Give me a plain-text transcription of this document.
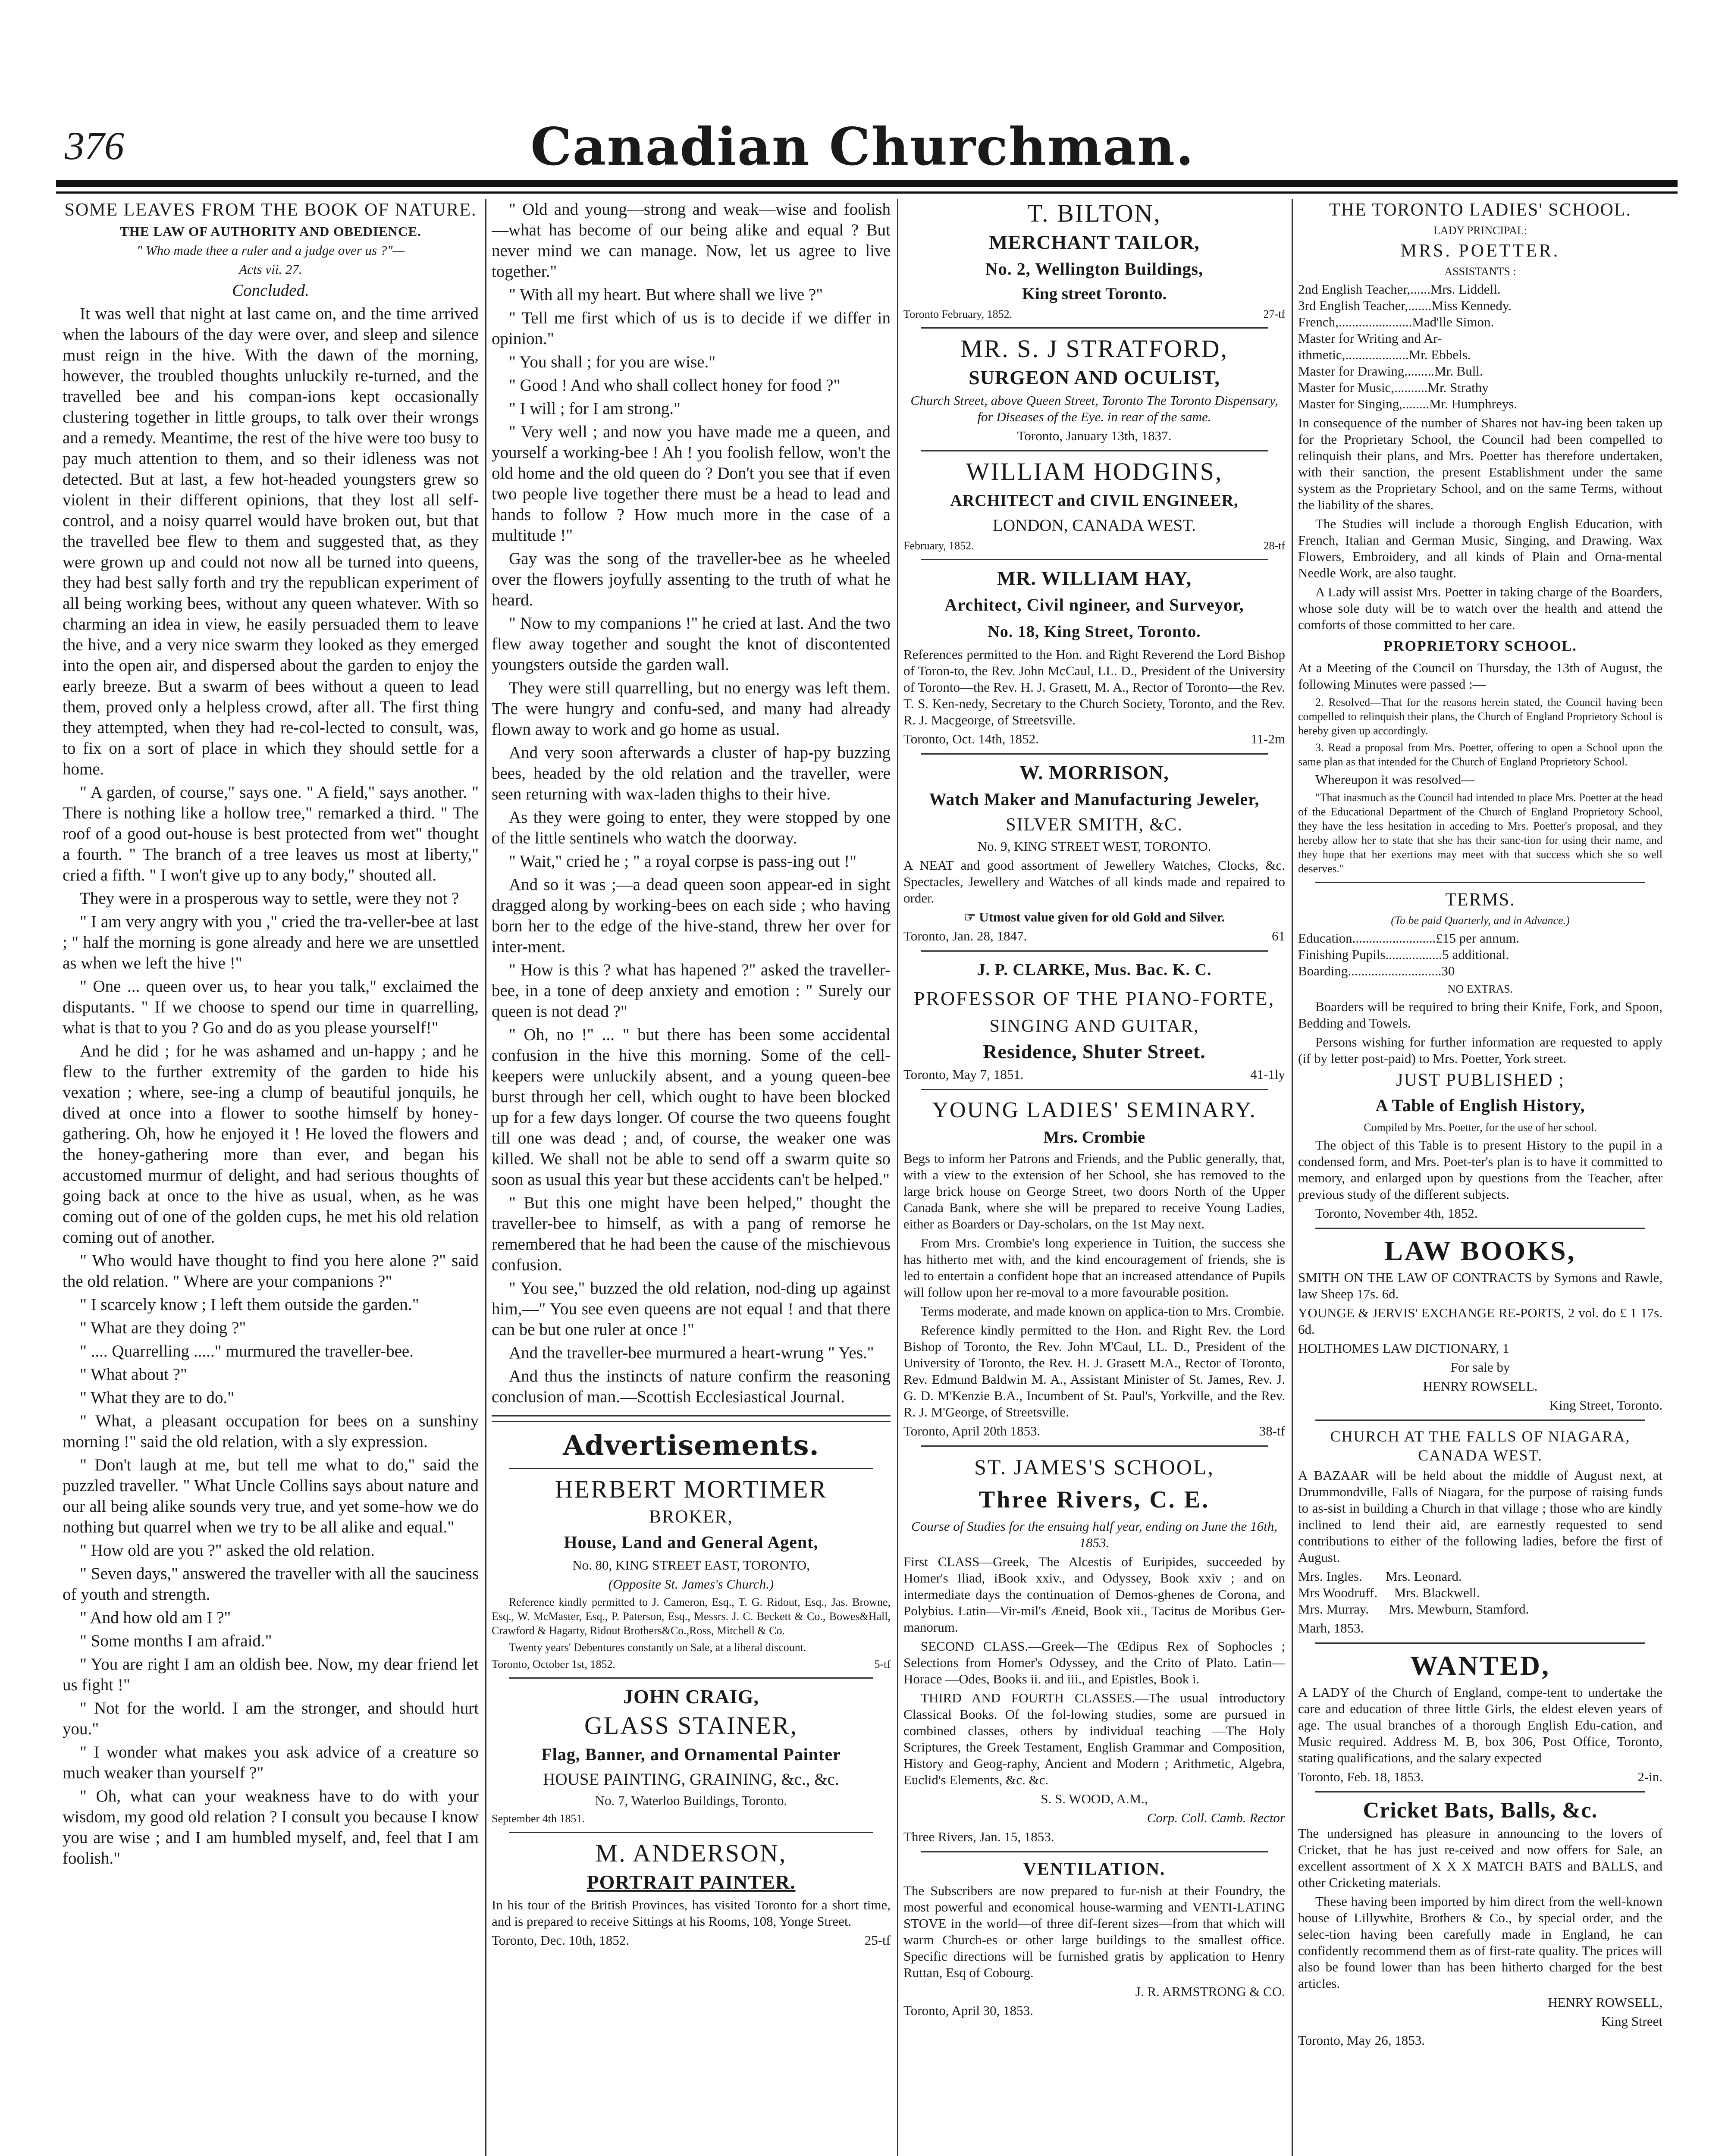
376	Canadian Churchman.

SOME LEAVES FROM THE BOOK OF NATURE.

THE LAW OF AUTHORITY AND OBEDIENCE.

" Who made thee a ruler and a judge over us ?"—

Acts vii. 27.

Concluded.

It was well that night at last came on, and the time arrived when the labours of the day were over, and sleep and silence must reign in the hive. With the dawn of the morning, however, the troubled thoughts unluckily re-turned, and the travelled bee and his compan-ions kept occasionally clustering together in little groups, to talk over their wrongs and a remedy. Meantime, the rest of the hive were too busy to pay much attention to them, and so their idleness was not detected. But at last, a few hot-headed youngsters grew so violent in their different opinions, that they lost all self-control, and a noisy quarrel would have broken out, but that the travelled bee flew to them and suggested that, as they were grown up and could not now all be turned into queens, they had best sally forth and try the republican experiment of all being working bees, without any queen whatever. With so charming an idea in view, he easily persuaded them to leave the hive, and a very nice swarm they looked as they emerged into the open air, and dispersed about the garden to enjoy the early breeze. But a swarm of bees without a queen to lead them, proved only a helpless crowd, after all. The first thing they attempted, when they had re-col-lected to consult, was, to fix on a sort of place in which they should settle for a home.

" A garden, of course," says one. " A field," says another. " There is nothing like a hollow tree," remarked a third. " The roof of a good out-house is best protected from wet" thought a fourth. " The branch of a tree leaves us most at liberty," cried a fifth. " I won't give up to any body," shouted all.

They were in a prosperous way to settle, were they not ?

" I am very angry with you ," cried the tra-veller-bee at last ; " half the morning is gone already and here we are unsettled as when we left the hive !"

" One ... queen over us, to hear you talk," exclaimed the disputants. " If we choose to spend our time in quarrelling, what is that to you ? Go and do as you please yourself!"

And he did ; for he was ashamed and un-happy ; and he flew to the further extremity of the garden to hide his vexation ; where, see-ing a clump of beautiful jonquils, he dived at once into a flower to soothe himself by honey-gathering. Oh, how he enjoyed it ! He loved the flowers and the honey-gathering more than ever, and began his accustomed murmur of delight, and had serious thoughts of going back at once to the hive as usual, when, as he was coming out of one of the golden cups, he met his old relation coming out of another.

" Who would have thought to find you here alone ?" said the old relation. " Where are your companions ?"

" I scarcely know ; I left them outside the garden."

" What are they doing ?"

" .... Quarrelling ....." murmured the traveller-bee.

" What about ?"

" What they are to do."

" What, a pleasant occupation for bees on a sunshiny morning !" said the old relation, with a sly expression.

" Don't laugh at me, but tell me what to do," said the puzzled traveller. " What Uncle Collins says about nature and our all being alike sounds very true, and yet some-how we do nothing but quarrel when we try to be all alike and equal."

" How old are you ?" asked the old relation.

" Seven days," answered the traveller with all the sauciness of youth and strength.

" And how old am I ?"

" Some months I am afraid."

" You are right I am an oldish bee. Now, my dear friend let us fight !"

" Not for the world. I am the stronger, and should hurt you."

" I wonder what makes you ask advice of a creature so much weaker than yourself ?"

" Oh, what can your weakness have to do with your wisdom, my good old relation ? I consult you because I know you are wise ; and I am humbled myself, and, feel that I am foolish."

" Old and young—strong and weak—wise and foolish—what has become of our being alike and equal ? But never mind we can manage. Now, let us agree to live together."

" With all my heart. But where shall we live ?"

" Tell me first which of us is to decide if we differ in opinion."

" You shall ; for you are wise."

" Good ! And who shall collect honey for food ?"

" I will ; for I am strong."

" Very well ; and now you have made me a queen, and yourself a working-bee ! Ah ! you foolish fellow, won't the old home and the old queen do ? Don't you see that if even two people live together there must be a head to lead and hands to follow ? How much more in the case of a multitude !"

Gay was the song of the traveller-bee as he wheeled over the flowers joyfully assenting to the truth of what he heard.

" Now to my companions !" he cried at last. And the two flew away together and sought the knot of discontented youngsters outside the garden wall.

They were still quarrelling, but no energy was left them. The were hungry and confu-sed, and many had already flown away to work and go home as usual.

And very soon afterwards a cluster of hap-py buzzing bees, headed by the old relation and the traveller, were seen returning with wax-laden thighs to their hive.

As they were going to enter, they were stopped by one of the little sentinels who watch the doorway.

" Wait," cried he ; " a royal corpse is pass-ing out !"

And so it was ;—a dead queen soon appear-ed in sight dragged along by working-bees on each side ; who having born her to the edge of the hive-stand, threw her over for inter-ment.

" How is this ? what has hapened ?" asked the traveller-bee, in a tone of deep anxiety and emotion : " Surely our queen is not dead ?"

" Oh, no !" ... " but there has been some accidental confusion in the hive this morning. Some of the cell-keepers were unluckily absent, and a young queen-bee burst through her cell, which ought to have been blocked up for a few days longer. Of course the two queens fought till one was dead ; and, of course, the weaker one was killed. We shall not be able to send off a swarm quite so soon as usual this year but these accidents can't be helped."

" But this one might have been helped," thought the traveller-bee to himself, as with a pang of remorse he remembered that he had been the cause of the mischievous confusion.

" You see," buzzed the old relation, nod-ding up against him,—" You see even queens are not equal ! and that there can be but one ruler at once !"

And the traveller-bee murmured a heart-wrung " Yes."

And thus the instincts of nature confirm the reasoning conclusion of man.—Scottish Ecclesiastical Journal.

Advertisements.

HERBERT MORTIMER

BROKER,

House, Land and General Agent,

No. 80, KING STREET EAST, TORONTO,

(Opposite St. James's Church.)

Reference kindly permitted to J. Cameron, Esq., T. G. Ridout, Esq., Jas. Browne, Esq., W. McMaster, Esq., P. Paterson, Esq., Messrs. J. C. Beckett & Co., Bowes&Hall, Crawford & Hagarty, Ridout Brothers&Co.,Ross, Mitchell & Co.

Twenty years' Debentures constantly on Sale, at a liberal discount.

Toronto, October 1st, 1852.	5-tf

JOHN CRAIG,

GLASS STAINER,

Flag, Banner, and Ornamental Painter

HOUSE PAINTING, GRAINING, &c., &c.

No. 7, Waterloo Buildings, Toronto.

September 4th 1851.

M. ANDERSON,

PORTRAIT PAINTER.

In his tour of the British Provinces, has visited Toronto for a short time, and is prepared to receive Sittings at his Rooms, 108, Yonge Street.

Toronto, Dec. 10th, 1852.	25-tf

T. BILTON,

MERCHANT TAILOR,

No. 2, Wellington Buildings,

King street Toronto.

Toronto February, 1852.	27-tf

MR. S. J STRATFORD,

SURGEON AND OCULIST,

Church Street, above Queen Street, Toronto The Toronto Dispensary, for Diseases of the Eye. in rear of the same.

Toronto, January 13th, 1837.

WILLIAM HODGINS,

ARCHITECT and CIVIL ENGINEER,

LONDON, CANADA WEST.

February, 1852.	28-tf

MR. WILLIAM HAY,

Architect, Civil ngineer, and Surveyor,

No. 18, King Street, Toronto.

References permitted to the Hon. and Right Reverend the Lord Bishop of Toron-to, the Rev. John McCaul, LL. D., President of the University of Toronto—the Rev. H. J. Grasett, M. A., Rector of Toronto—the Rev. T. S. Ken-nedy, Secretary to the Church Society, Toronto, and the Rev. R. J. Macgeorge, of Streetsville.

Toronto, Oct. 14th, 1852.	11-2m

W. MORRISON,

Watch Maker and Manufacturing Jeweler,

SILVER SMITH, &C.

No. 9, KING STREET WEST, TORONTO.

A NEAT and good assortment of Jewellery Watches, Clocks, &c. Spectacles, Jewellery and Watches of all kinds made and repaired to order.

☞ Utmost value given for old Gold and Silver.

Toronto, Jan. 28, 1847.	61

J. P. CLARKE, Mus. Bac. K. C.

PROFESSOR OF THE PIANO-FORTE,

SINGING AND GUITAR,

Residence, Shuter Street.

Toronto, May 7, 1851.	41-1ly

YOUNG LADIES' SEMINARY.

Mrs. Crombie

Begs to inform her Patrons and Friends, and the Public generally, that, with a view to the extension of her School, she has removed to the large brick house on George Street, two doors North of the Upper Canada Bank, where she will be prepared to receive Young Ladies, either as Boarders or Day-scholars, on the 1st May next.

From Mrs. Crombie's long experience in Tuition, the success she has hitherto met with, and the kind encouragement of friends, she is led to entertain a confident hope that an increased attendance of Pupils will follow upon her re-moval to a more favourable position.

Terms moderate, and made known on applica-tion to Mrs. Crombie.

Reference kindly permitted to the Hon. and Right Rev. the Lord Bishop of Toronto, the Rev. John M'Caul, LL. D., President of the University of Toronto, the Rev. H. J. Grasett M.A., Rector of Toronto, Rev. Edmund Baldwin M. A., Assistant Minister of St. James, Rev. J. G. D. M'Kenzie B.A., Incumbent of St. Paul's, Yorkville, and the Rev. R. J. M'George, of Streetsville.

Toronto, April 20th 1853.	38-tf

ST. JAMES'S SCHOOL,

Three Rivers, C. E.

Course of Studies for the ensuing half year, ending on June the 16th, 1853.

First CLASS—Greek, The Alcestis of Euripides, succeeded by Homer's Iliad, iBook xxiv., and Odyssey, Book xxiv ; and on intermediate days the continuation of Demos-ghenes de Corona, and Polybius. Latin—Vir-mil's Æneid, Book xii., Tacitus de Moribus Ger-manorum.

SECOND CLASS.—Greek—The Œdipus Rex of Sophocles ; Selections from Homer's Odyssey, and the Crito of Plato. Latin—Horace —Odes, Books ii. and iii., and Epistles, Book i.

THIRD AND FOURTH CLASSES.—The usual introductory Classical Books. Of the fol-lowing studies, some are pursued in combined classes, others by individual teaching —The Holy Scriptures, the Greek Testament, English Grammar and Composition, History and Geog-raphy, Ancient and Modern ; Arithmetic, Algebra, Euclid's Elements, &c. &c.

S. S. WOOD, A.M.,

Corp. Coll. Camb. Rector

Three Rivers, Jan. 15, 1853.

VENTILATION.

The Subscribers are now prepared to fur-nish at their Foundry, the most powerful and economical house-warming and VENTI-LATING STOVE in the world—of three dif-ferent sizes—from that which will warm Church-es or other large buildings to the smallest office. Specific directions will be furnished gratis by application to Henry Ruttan, Esq of Cobourg.

J. R. ARMSTRONG & CO.

Toronto, April 30, 1853.

THE TORONTO LADIES' SCHOOL.

LADY PRINCIPAL:

MRS. POETTER.

ASSISTANTS :

2nd English Teacher,......Mrs. Liddell.

3rd English Teacher,.......Miss Kennedy.

French,......................Mad'lle Simon.

Master for Writing and Ar-

ithmetic,...................Mr. Ebbels.

Master for Drawing.........Mr. Bull.

Master for Music,..........Mr. Strathy

Master for Singing,........Mr. Humphreys.

In consequence of the number of Shares not hav-ing been taken up for the Proprietary School, the Council had been compelled to relinquish their plans, and Mrs. Poetter has therefore undertaken, with their sanction, the present Establishment under the same system as the Proprietary School, and on the same Terms, without the liability of the shares.

The Studies will include a thorough English Education, with French, Italian and German Music, Singing, and Drawing. Wax Flowers, Embroidery, and all kinds of Plain and Orna-mental Needle Work, are also taught.

A Lady will assist Mrs. Poetter in taking charge of the Boarders, whose sole duty will be to watch over the health and attend the comforts of those committed to her care.

PROPRIETORY SCHOOL.

At a Meeting of the Council on Thursday, the 13th of August, the following Minutes were passed :—

2. Resolved—That for the reasons herein stated, the Council having been compelled to relinquish their plans, the Church of England Proprietory School is hereby given up accordingly.

3. Read a proposal from Mrs. Poetter, offering to open a School upon the same plan as that intended for the Church of England Proprietory School.

Whereupon it was resolved—

"That inasmuch as the Council had intended to place Mrs. Poetter at the head of the Educational Department of the Church of England Proprietory School, they have the less hesitation in acceding to Mrs. Poetter's proposal, and they hereby allow her to state that she has their sanc-tion for using their name, and they hope that her exertions may meet with that success which she so well deserves."

TERMS.

(To be paid Quarterly, and in Advance.)

Education.........................£15 per annum.

Finishing Pupils.................5 additional.

Boarding............................30

NO EXTRAS.

Boarders will be required to bring their Knife, Fork, and Spoon, Bedding and Towels.

Persons wishing for further information are requested to apply (if by letter post-paid) to Mrs. Poetter, York street.

JUST PUBLISHED ;

A Table of English History,

Compiled by Mrs. Poetter, for the use of her school.

The object of this Table is to present History to the pupil in a condensed form, and Mrs. Poet-ter's plan is to have it committed to memory, and enlarged upon by questions from the Teacher, after previous study of the different subjects.

Toronto, November 4th, 1852.

LAW BOOKS,

SMITH ON THE LAW OF CONTRACTS by Symons and Rawle, law Sheep 17s. 6d.

YOUNGE & JERVIS' EXCHANGE RE-PORTS, 2 vol. do £ 1 17s. 6d.

HOLTHOMES LAW DICTIONARY, 1

For sale by

HENRY ROWSELL.

King Street, Toronto.

CHURCH AT THE FALLS OF NIAGARA, CANADA WEST.

A BAZAAR will be held about the middle of August next, at Drummondville, Falls of Niagara, for the purpose of raising funds to as-sist in building a Church in that village ; those who are kindly inclined to lend their aid, are earnestly requested to send contributions to either of the following ladies, before the first of August.

Mrs. Ingles.       Mrs. Leonard.

Mrs Woodruff.     Mrs. Blackwell.

Mrs. Murray.      Mrs. Mewburn, Stamford.

Marh, 1853.

WANTED,

A LADY of the Church of England, compe-tent to undertake the care and education of three little Girls, the eldest eleven years of age. The usual branches of a thorough English Edu-cation, and Music required. Address M. B, box 306, Post Office, Toronto, stating qualifications, and the salary expected

Toronto, Feb. 18, 1853.	2-in.

Cricket Bats, Balls, &c.

The undersigned has pleasure in announcing to the lovers of Cricket, that he has just re-ceived and now offers for Sale, an excellent assortment of X X X MATCH BATS and BALLS, and other Cricketing materials.

These having been imported by him direct from the well-known house of Lillywhite, Brothers & Co., by special order, and the selec-tion having been carefully made in England, he can confidently recommend them as of first-rate quality. The prices will also be found lower than has been hitherto charged for the best articles.

HENRY ROWSELL,

King Street

Toronto, May 26, 1853.
